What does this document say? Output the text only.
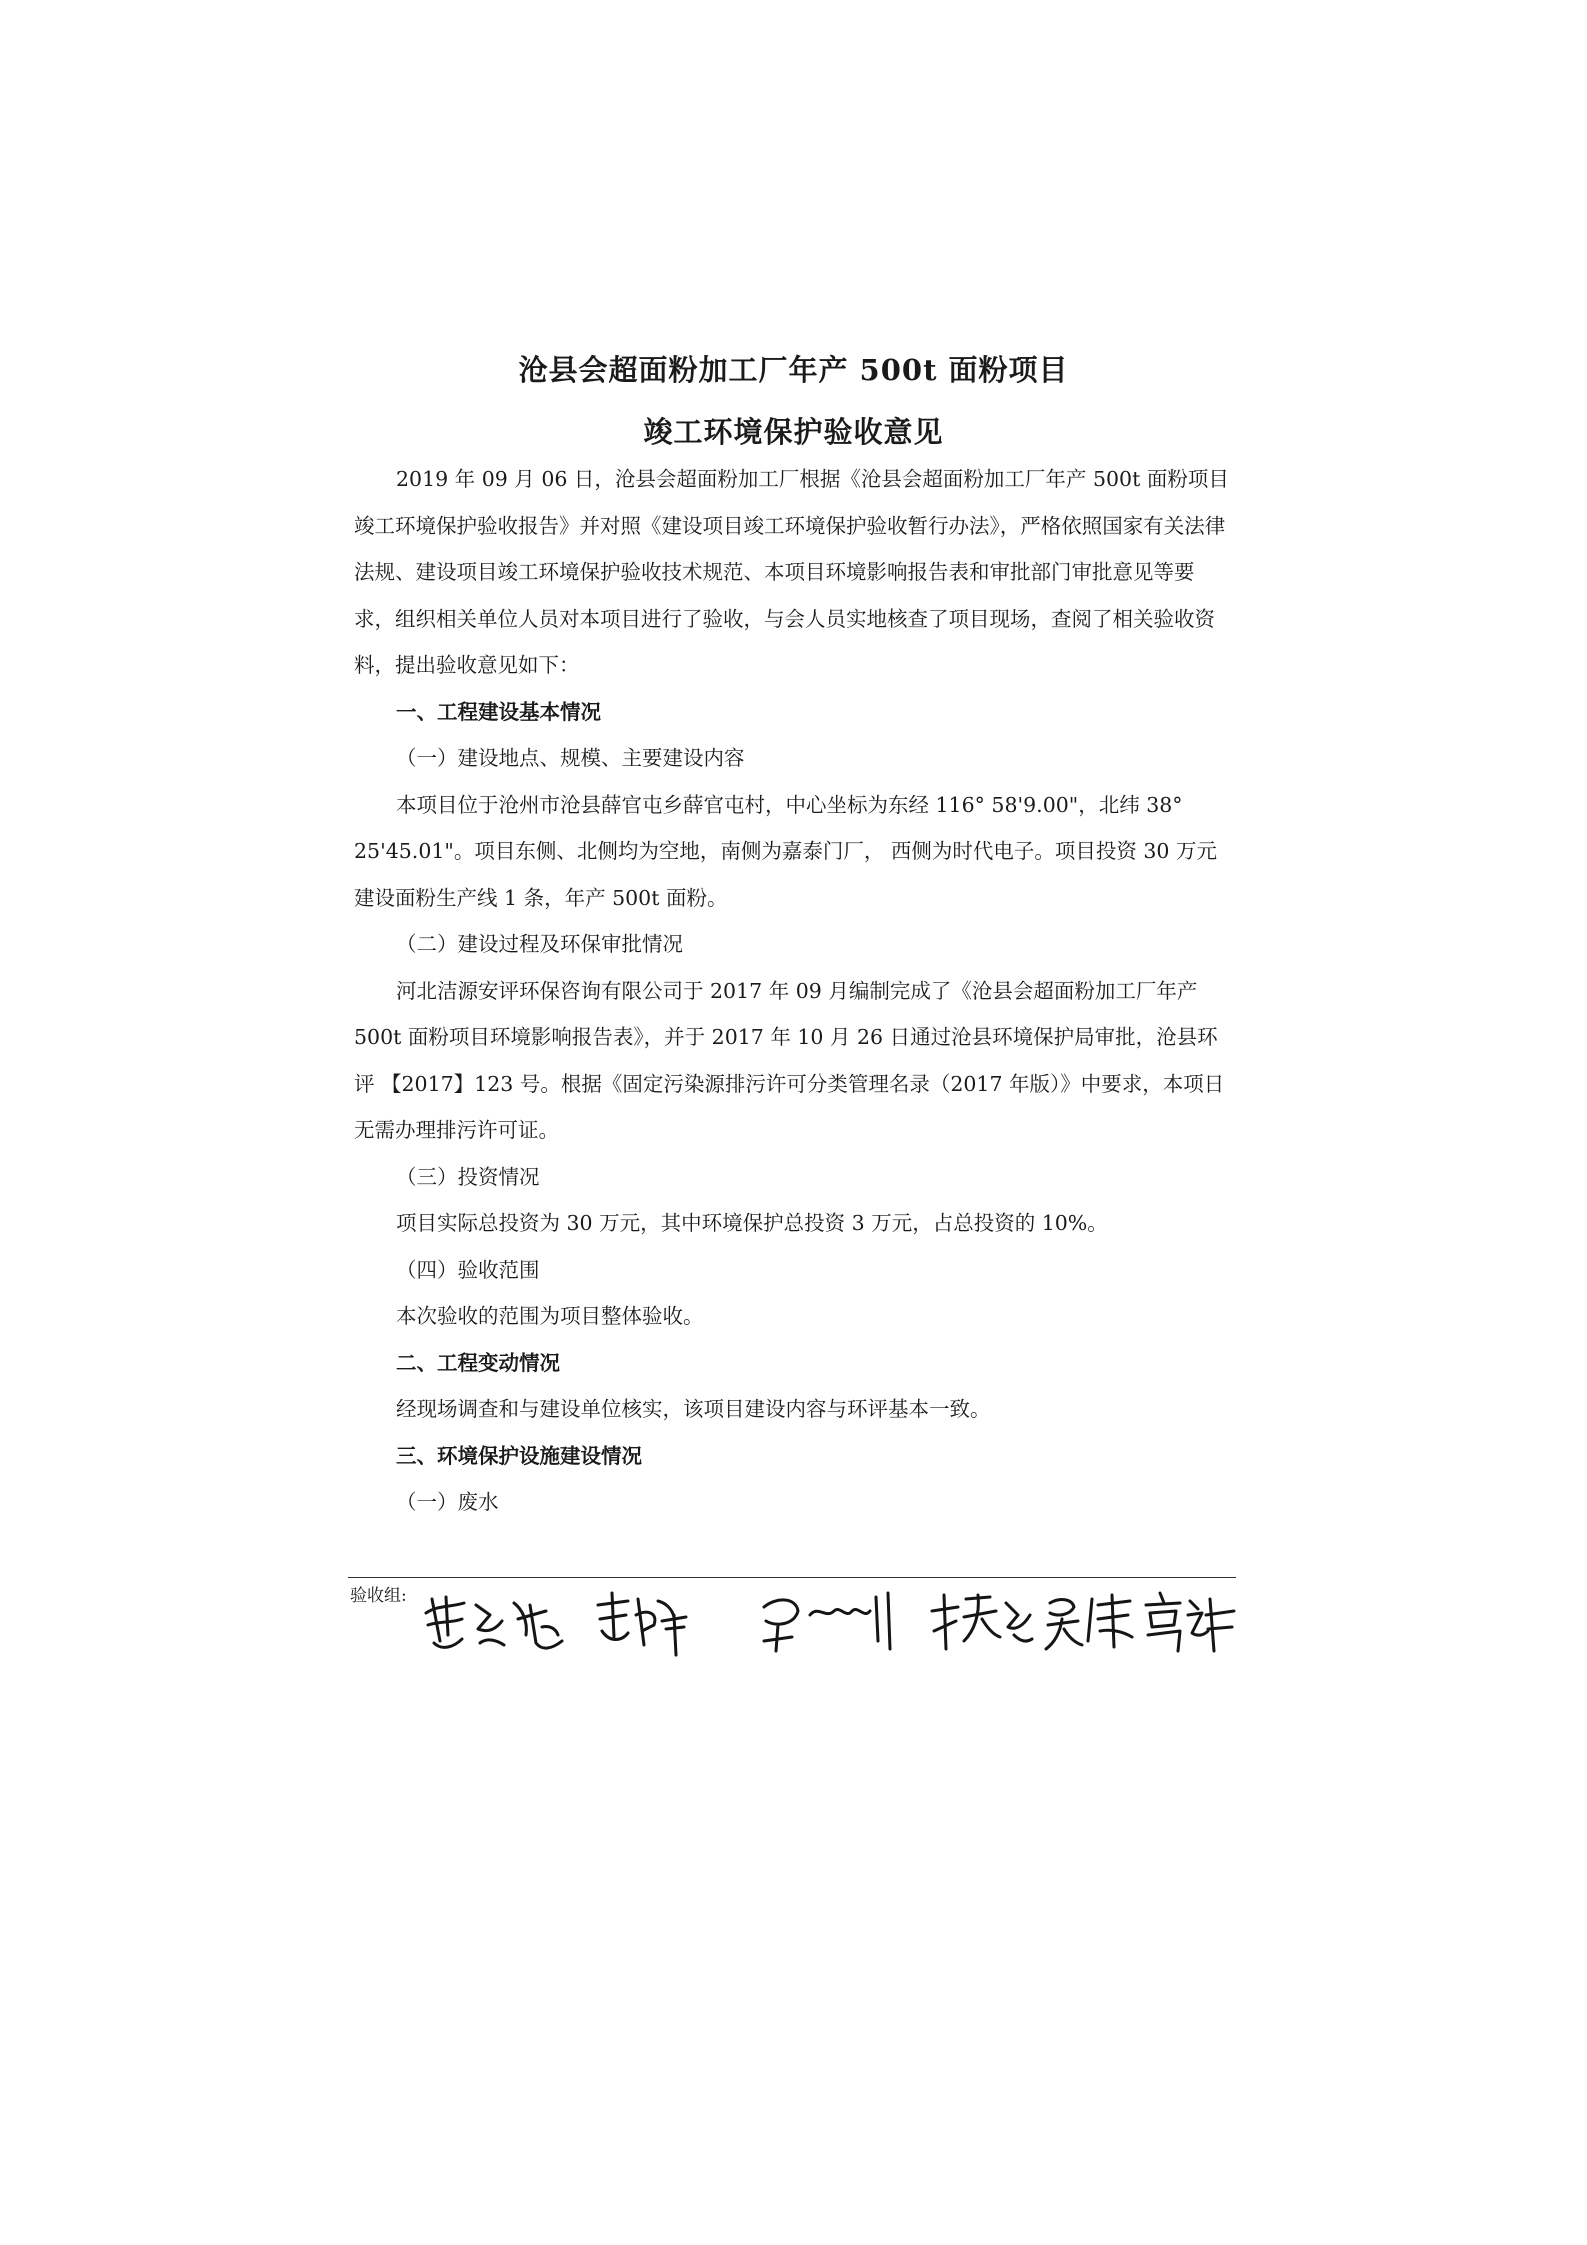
沧县会超面粉加工厂年产 500t 面粉项目
竣工环境保护验收意见

2019 年 09 月 06 日，沧县会超面粉加工厂根据《沧县会超面粉加工厂年产 500t 面粉项目竣工环境保护验收报告》并对照《建设项目竣工环境保护验收暂行办法》，严格依照国家有关法律法规、建设项目竣工环境保护验收技术规范、本项目环境影响报告表和审批部门审批意见等要求，组织相关单位人员对本项目进行了验收，与会人员实地核查了项目现场，查阅了相关验收资料，提出验收意见如下：

一、工程建设基本情况

（一）建设地点、规模、主要建设内容

本项目位于沧州市沧县薛官屯乡薛官屯村，中心坐标为东经 116° 58'9.00"，北纬 38° 25'45.01"。项目东侧、北侧均为空地，南侧为嘉泰门厂， 西侧为时代电子。项目投资 30 万元建设面粉生产线 1 条，年产 500t 面粉。

（二）建设过程及环保审批情况

河北洁源安评环保咨询有限公司于 2017 年 09 月编制完成了《沧县会超面粉加工厂年产 500t 面粉项目环境影响报告表》，并于 2017 年 10 月 26 日通过沧县环境保护局审批，沧县环评 【2017】123 号。根据《固定污染源排污许可分类管理名录（2017 年版）》中要求，本项日无需办理排污许可证。

（三）投资情况

项目实际总投资为 30 万元，其中环境保护总投资 3 万元，占总投资的 10%。

（四）验收范围

本次验收的范围为项目整体验收。

二、工程变动情况

经现场调查和与建设单位核实，该项目建设内容与环评基本一致。

三、环境保护设施建设情况

（一）废水

验收组:
